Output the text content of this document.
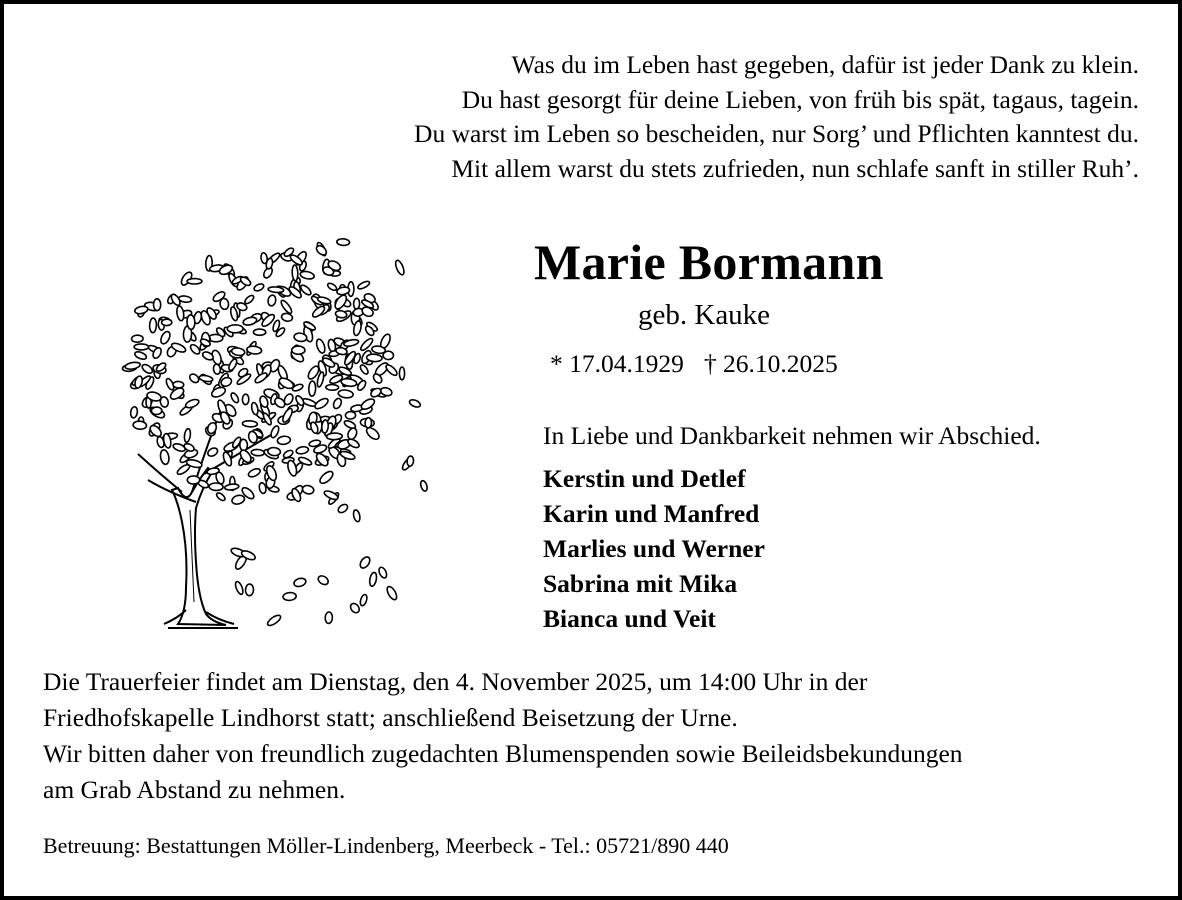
Was du im Leben hast gegeben, dafür ist jeder Dank zu klein.
Du hast gesorgt für deine Lieben, von früh bis spät, tagaus, tagein.
Du warst im Leben so bescheiden, nur Sorg’ und Pflichten kanntest du.
Mit allem warst du stets zufrieden, nun schlafe sanft in stiller Ruh’.
Marie Bormann
geb. Kauke
* 17.04.1929 † 26.10.2025
In Liebe und Dankbarkeit nehmen wir Abschied.
Kerstin und Detlef
Karin und Manfred
Marlies und Werner
Sabrina mit Mika
Bianca und Veit
Die Trauerfeier findet am Dienstag, den 4. November 2025, um 14:00 Uhr in der
Friedhofskapelle Lindhorst statt; anschließend Beisetzung der Urne.
Wir bitten daher von freundlich zugedachten Blumenspenden sowie Beileidsbekundungen
am Grab Abstand zu nehmen.
Betreuung: Bestattungen Möller-Lindenberg, Meerbeck - Tel.: 05721/890 440
